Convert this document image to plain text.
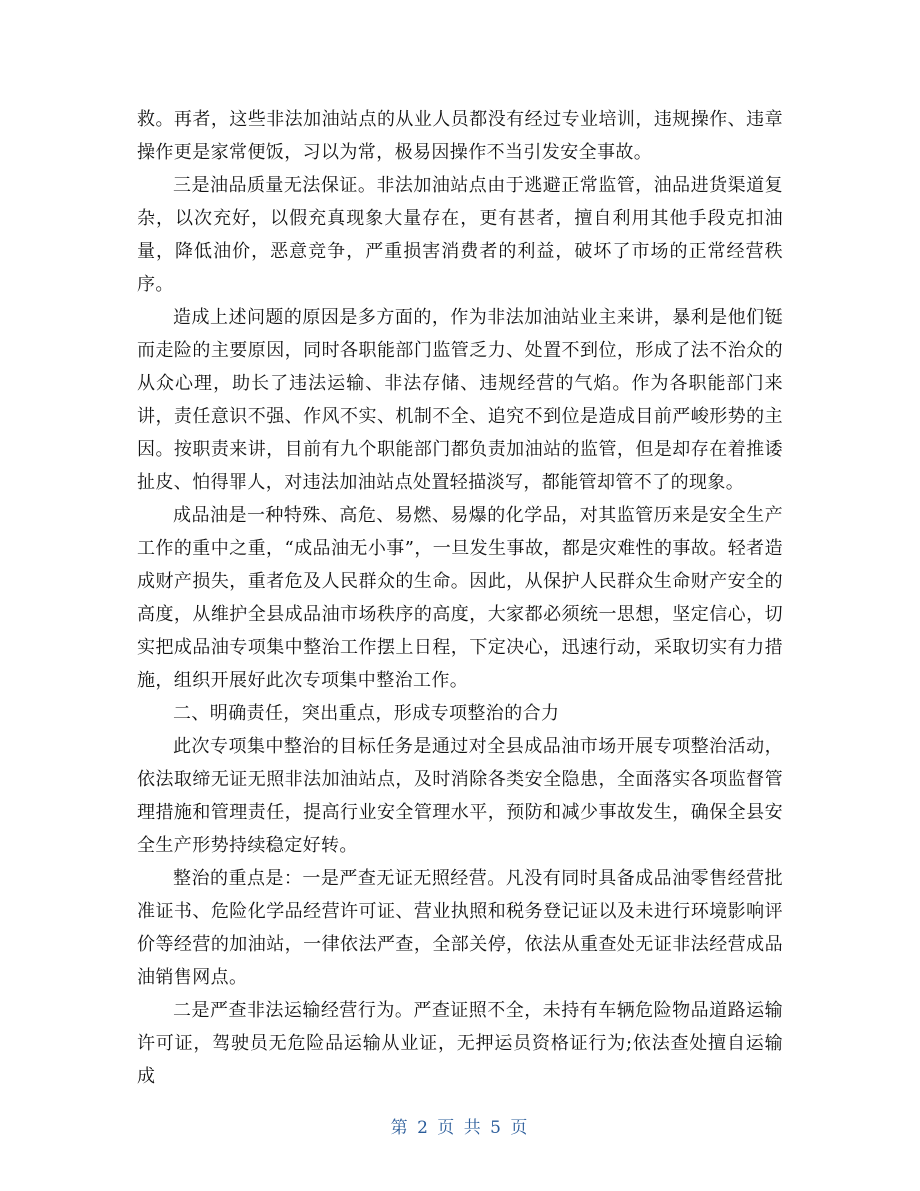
救。再者，这些非法加油站点的从业人员都没有经过专业培训，违规操作、违章操作更是家常便饭，习以为常，极易因操作不当引发安全事故。

三是油品质量无法保证。非法加油站点由于逃避正常监管，油品进货渠道复杂，以次充好，以假充真现象大量存在，更有甚者，擅自利用其他手段克扣油量，降低油价，恶意竞争，严重损害消费者的利益，破坏了市场的正常经营秩序。

造成上述问题的原因是多方面的，作为非法加油站业主来讲，暴利是他们铤而走险的主要原因，同时各职能部门监管乏力、处置不到位，形成了法不治众的从众心理，助长了违法运输、非法存储、违规经营的气焰。作为各职能部门来讲，责任意识不强、作风不实、机制不全、追究不到位是造成目前严峻形势的主因。按职责来讲，目前有九个职能部门都负责加油站的监管，但是却存在着推诿扯皮、怕得罪人，对违法加油站点处置轻描淡写，都能管却管不了的现象。

成品油是一种特殊、高危、易燃、易爆的化学品，对其监管历来是安全生产工作的重中之重，“成品油无小事”，一旦发生事故，都是灾难性的事故。轻者造成财产损失，重者危及人民群众的生命。因此，从保护人民群众生命财产安全的高度，从维护全县成品油市场秩序的高度，大家都必须统一思想，坚定信心，切实把成品油专项集中整治工作摆上日程，下定决心，迅速行动，采取切实有力措施，组织开展好此次专项集中整治工作。

二、明确责任，突出重点，形成专项整治的合力

此次专项集中整治的目标任务是通过对全县成品油市场开展专项整治活动，依法取缔无证无照非法加油站点，及时消除各类安全隐患，全面落实各项监督管理措施和管理责任，提高行业安全管理水平，预防和减少事故发生，确保全县安全生产形势持续稳定好转。

整治的重点是：一是严查无证无照经营。凡没有同时具备成品油零售经营批准证书、危险化学品经营许可证、营业执照和税务登记证以及未进行环境影响评价等经营的加油站，一律依法严查，全部关停，依法从重查处无证非法经营成品油销售网点。

二是严查非法运输经营行为。严查证照不全，未持有车辆危险物品道路运输许可证，驾驶员无危险品运输从业证，无押运员资格证行为;依法查处擅自运输成

第 2 页 共 5 页
